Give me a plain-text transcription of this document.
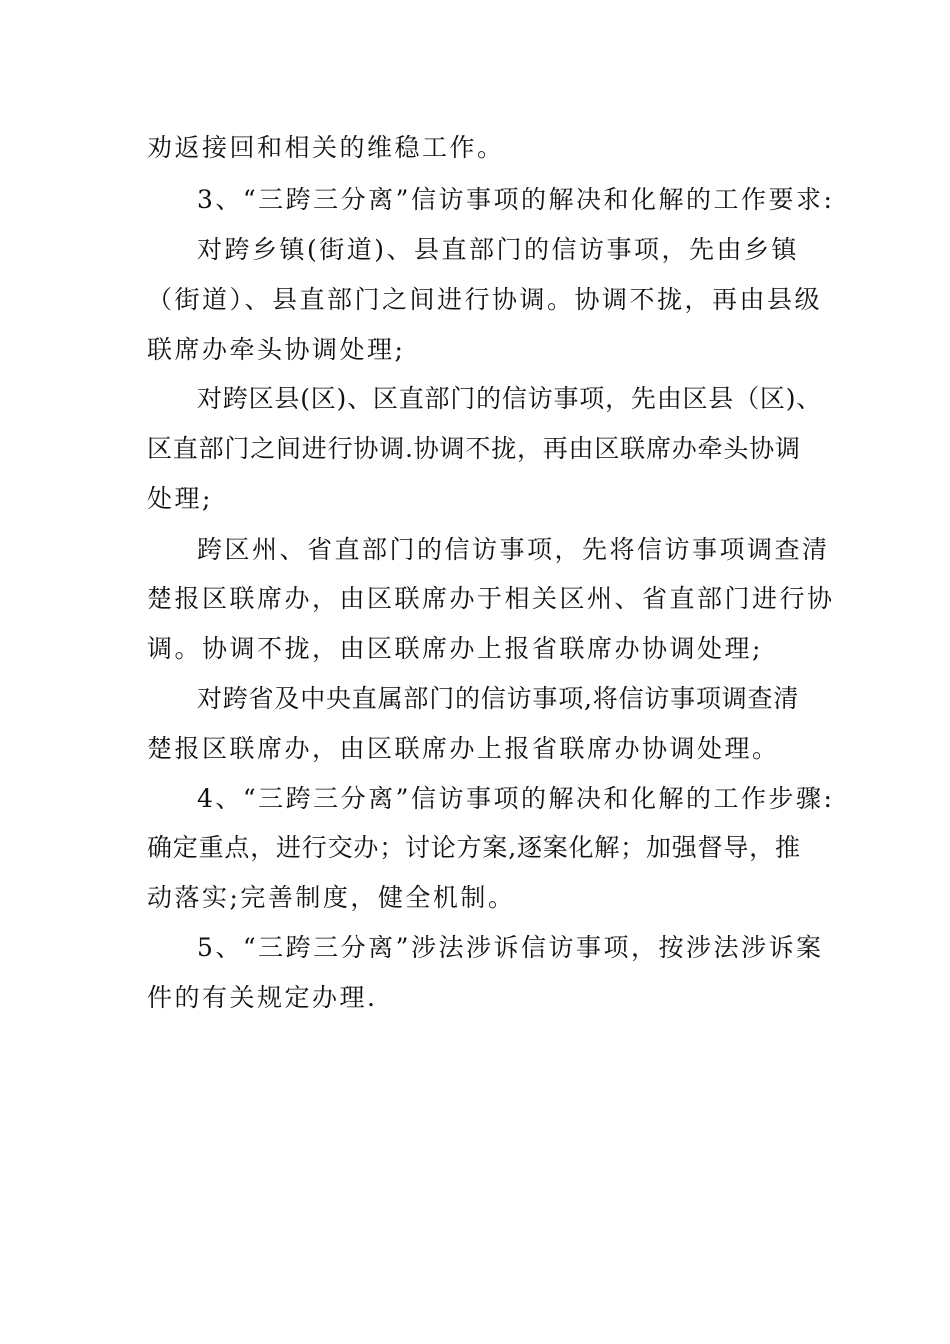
劝返接回和相关的维稳工作。
3、“三跨三分离”信访事项的解决和化解的工作要求:
对跨乡镇(街道)、县直部门的信访事项，先由乡镇
（街道）、县直部门之间进行协调。协调不拢，再由县级
联席办牵头协调处理;
对跨区县(区)、区直部门的信访事项，先由区县（区)、
区直部门之间进行协调.协调不拢，再由区联席办牵头协调
处理;
跨区州、省直部门的信访事项，先将信访事项调查清
楚报区联席办，由区联席办于相关区州、省直部门进行协
调。协调不拢，由区联席办上报省联席办协调处理;
对跨省及中央直属部门的信访事项,将信访事项调查清
楚报区联席办，由区联席办上报省联席办协调处理。
4、“三跨三分离”信访事项的解决和化解的工作步骤:
确定重点，进行交办；讨论方案,逐案化解；加强督导，推
动落实;完善制度，健全机制。
5、“三跨三分离”涉法涉诉信访事项，按涉法涉诉案
件的有关规定办理.
